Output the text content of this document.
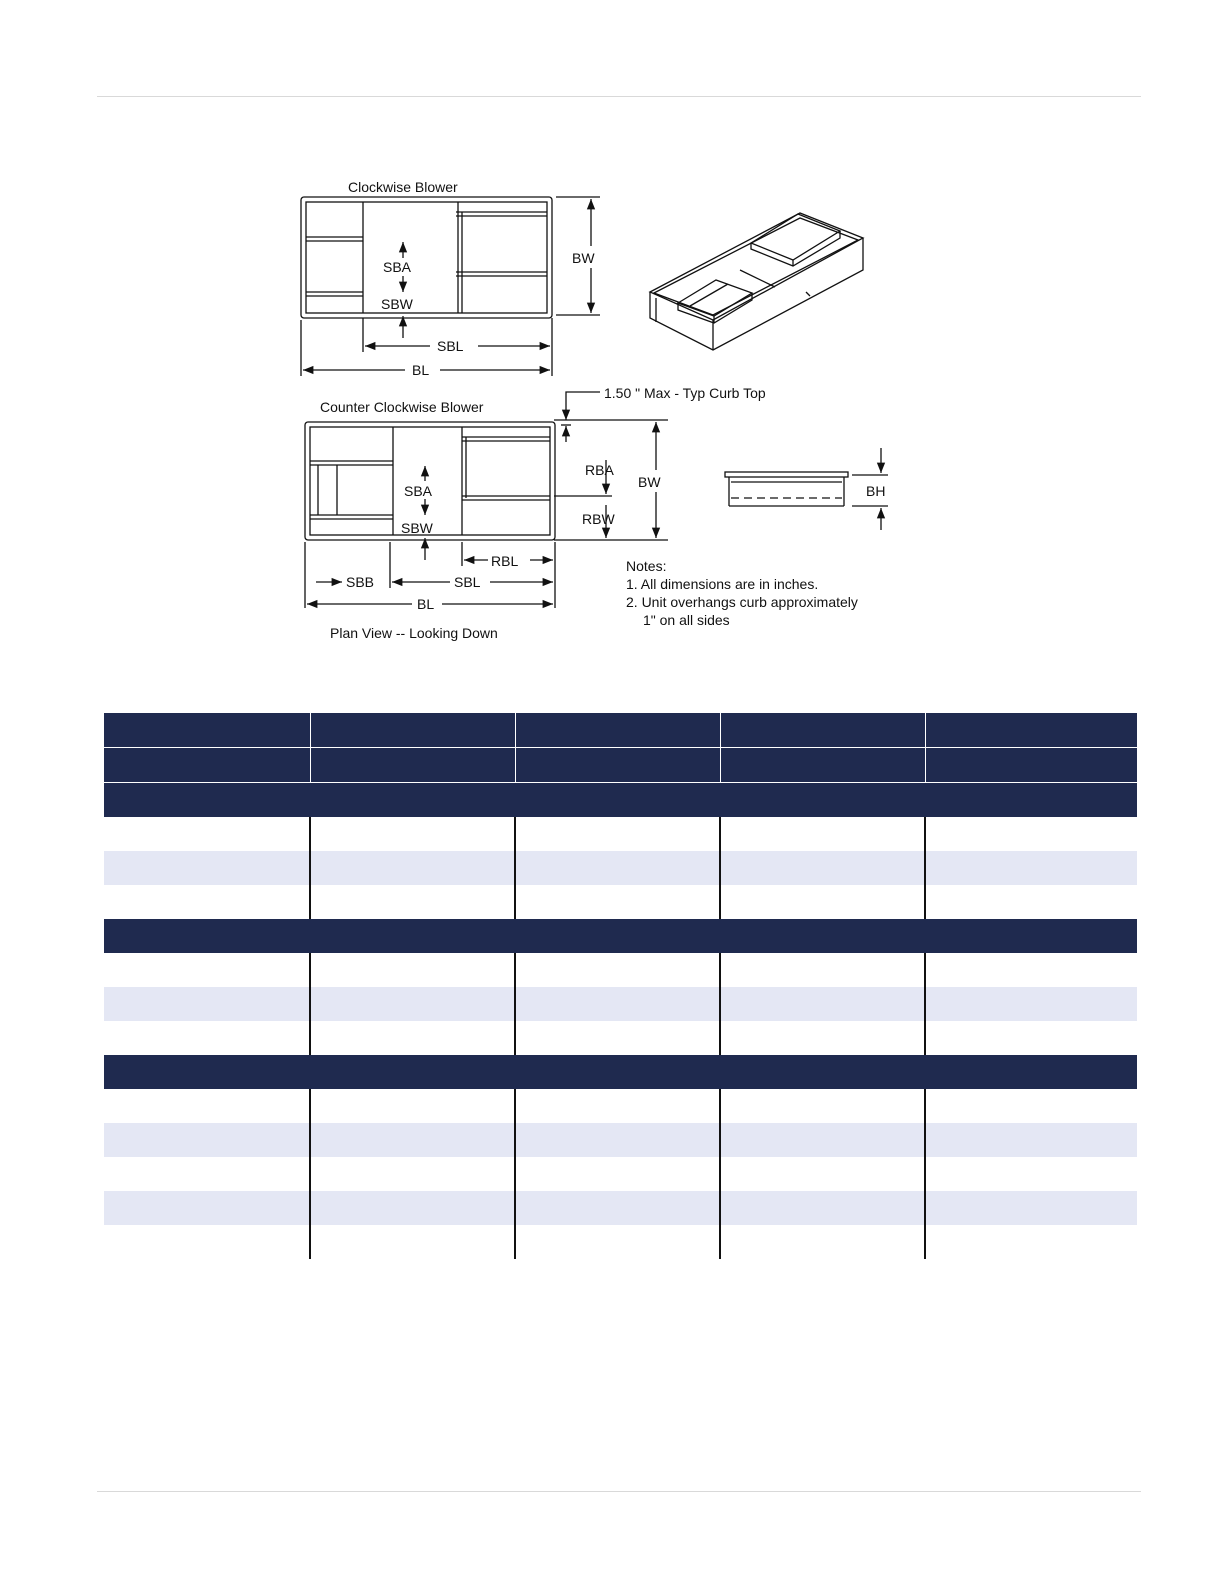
Clockwise Blower
SBA
SBW
SBL
BL
BW
1.50 " Max - Typ Curb Top
Counter Clockwise Blower
SBA
SBW
RBA
RBW
BW
RBL
SBB	SBL
BL
Plan View -- Looking Down
BH
Notes:
1. All dimensions are in inches.
2. Unit overhangs curb approximately
1" on all sides
